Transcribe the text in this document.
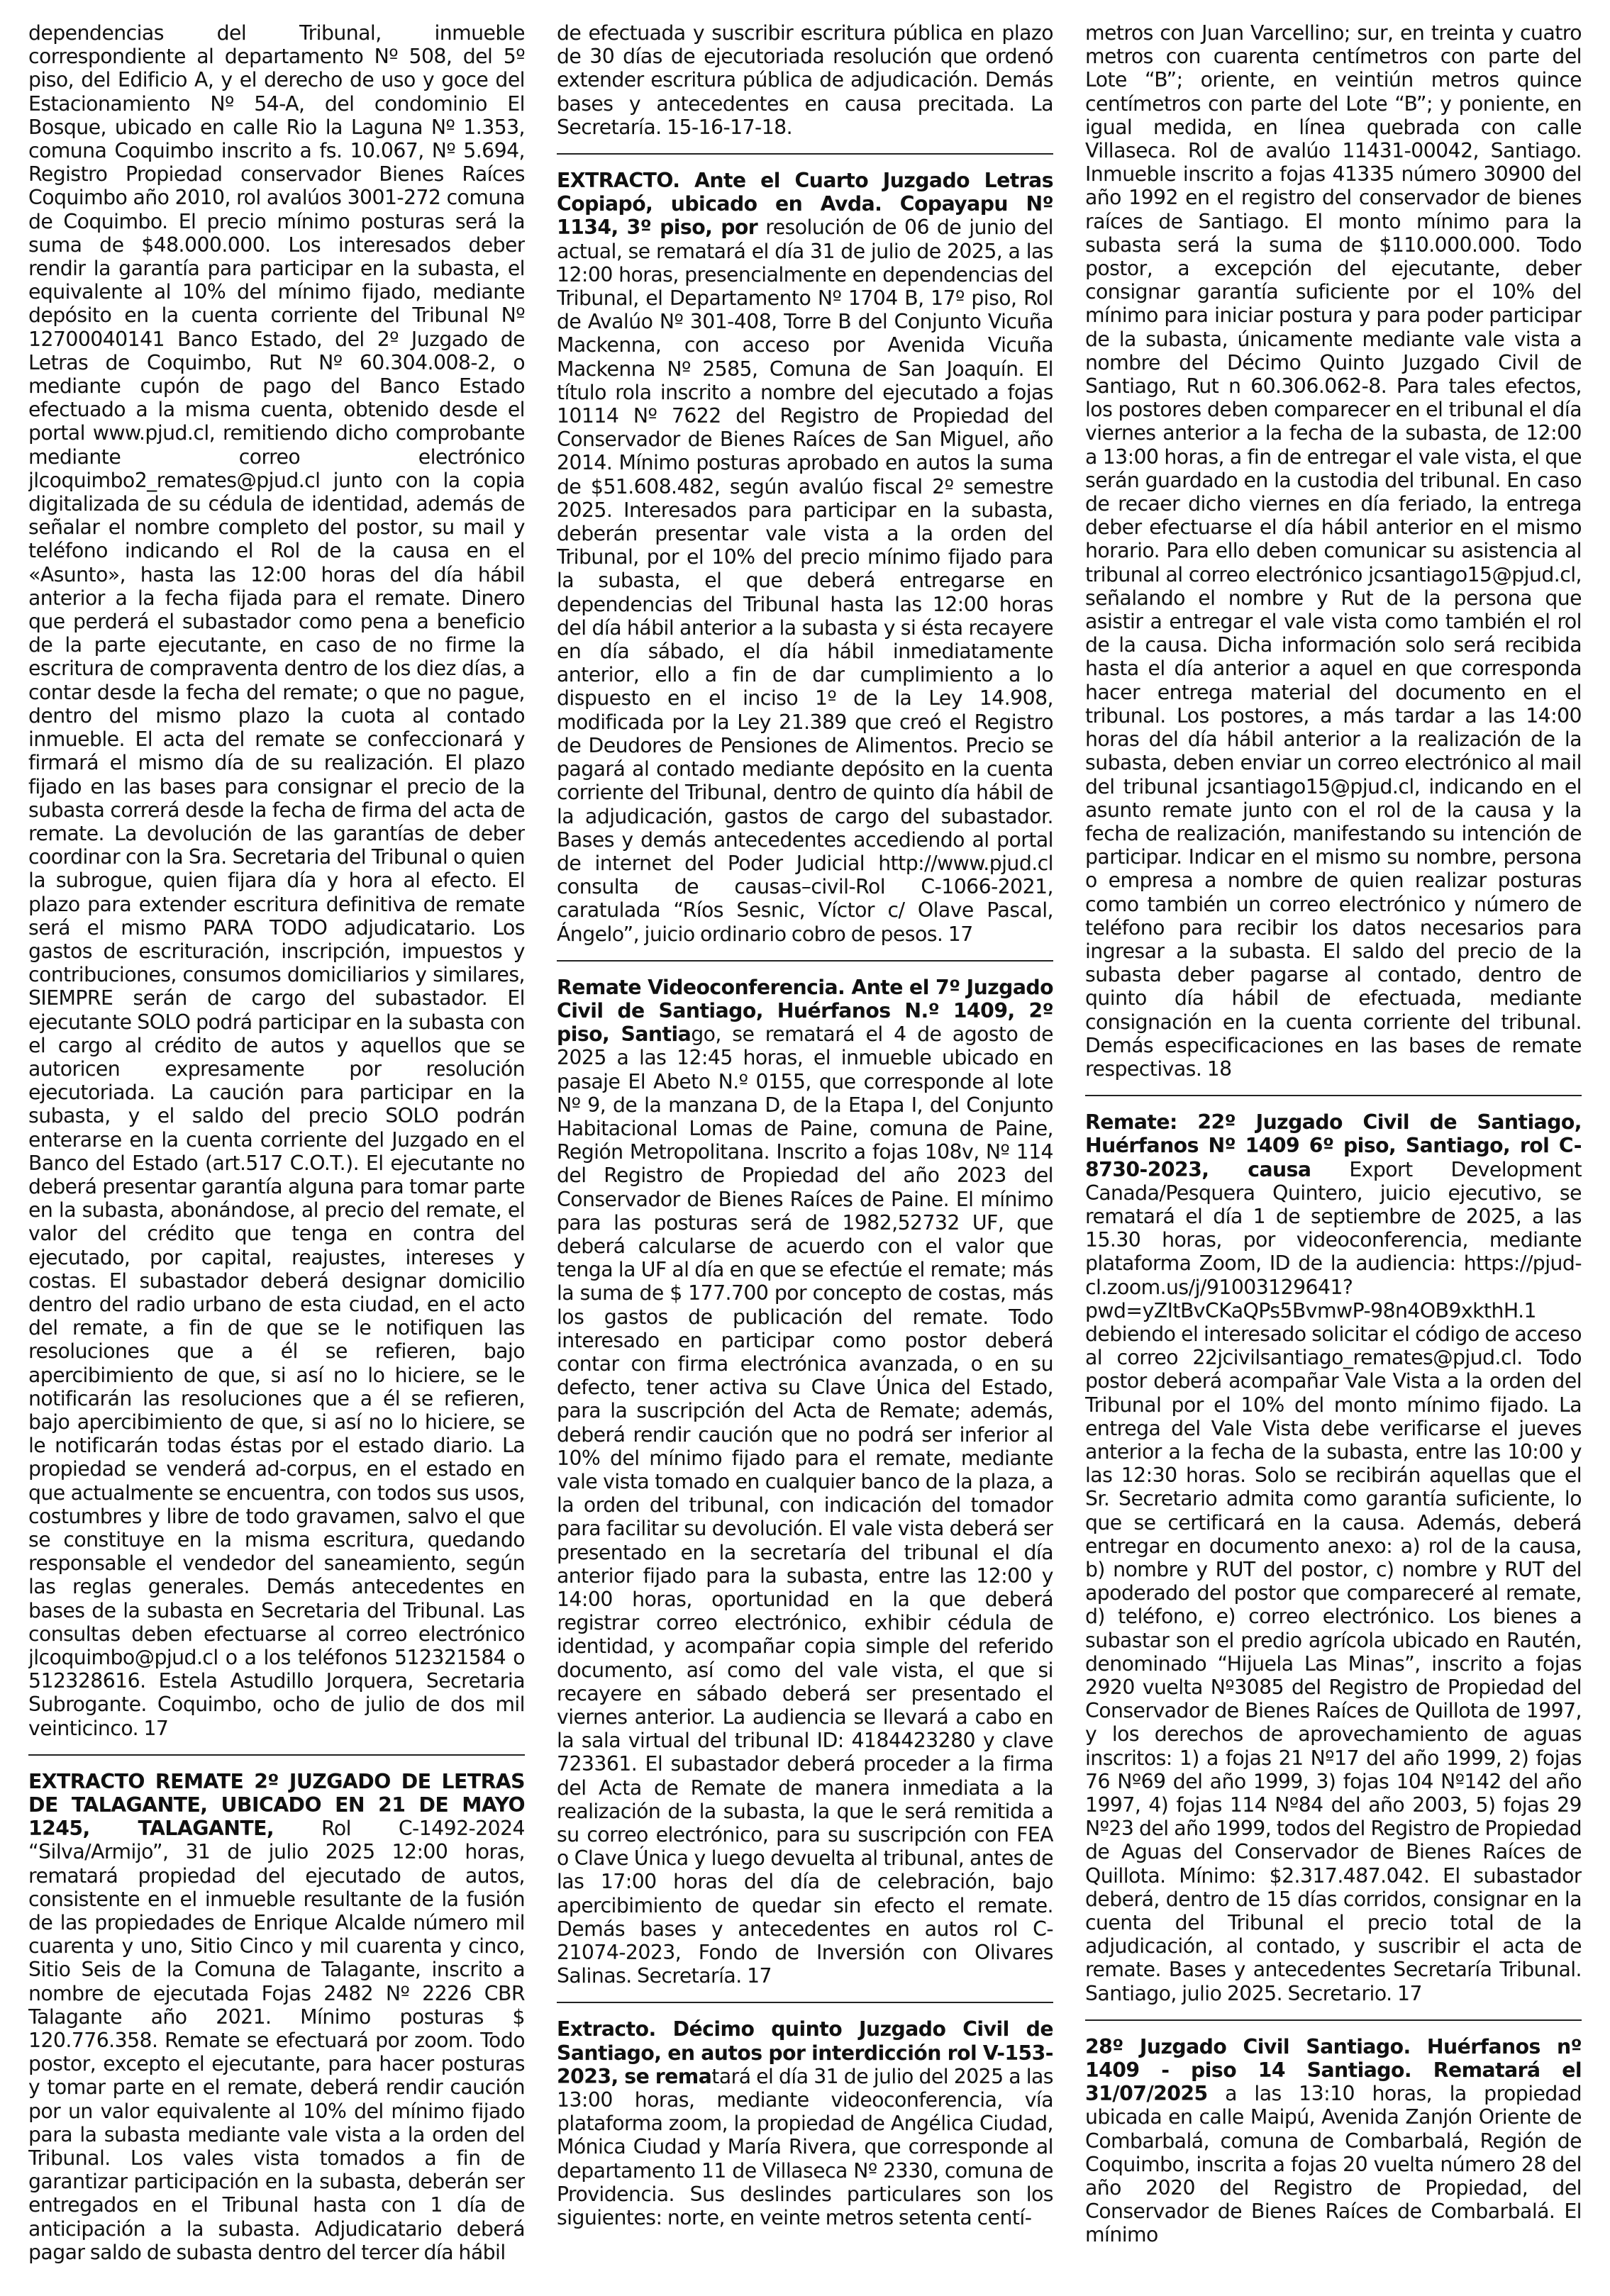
dependencias del Tribunal, inmueble correspondiente al departamento Nº 508, del 5º piso, del Edificio A, y el derecho de uso y goce del Estacionamiento Nº 54-A, del condominio El Bosque, ubicado en calle Rio la Laguna Nº 1.353, comuna Coquimbo inscrito a fs. 10.067, Nº 5.694, Registro Propiedad conservador Bienes Raíces Coquimbo año 2010, rol avalúos 3001-272 comuna de Coquimbo. El precio mínimo posturas será la suma de $48.000.000. Los interesados deber rendir la garantía para participar en la subasta, el equivalente al 10% del mínimo fijado, mediante depósito en la cuenta corriente del Tribunal Nº 12700040141 Banco Estado, del 2º Juzgado de Letras de Coquimbo, Rut Nº 60.304.008-2, o mediante cupón de pago del Banco Estado efectuado a la misma cuenta, obtenido desde el portal www.pjud.cl, remitiendo dicho comprobante mediante correo electrónico jlcoquimbo2_remates@pjud.cl junto con la copia digitalizada de su cédula de identidad, además de señalar el nombre completo del postor, su mail y teléfono indicando el Rol de la causa en el «Asunto», hasta las 12:00 horas del día hábil anterior a la fecha fijada para el remate. Dinero que perderá el subastador como pena a beneficio de la parte ejecutante, en caso de no firme la escritura de compraventa dentro de los diez días, a contar desde la fecha del remate; o que no pague, dentro del mismo plazo la cuota al contado inmueble. El acta del remate se confeccionará y firmará el mismo día de su realización. El plazo fijado en las bases para consignar el precio de la subasta correrá desde la fecha de firma del acta de remate. La devolución de las garantías de deber coordinar con la Sra. Secretaria del Tribunal o quien la subrogue, quien fijara día y hora al efecto. El plazo para extender escritura definitiva de remate será el mismo PARA TODO adjudicatario. Los gastos de escrituración, inscripción, impuestos y contribuciones, consumos domiciliarios y similares, SIEMPRE serán de cargo del subastador. El ejecutante SOLO podrá participar en la subasta con el cargo al crédito de autos y aquellos que se autoricen expresamente por resolución ejecutoriada. La caución para participar en la subasta, y el saldo del precio SOLO podrán enterarse en la cuenta corriente del Juzgado en el Banco del Estado (art.517 C.O.T.). El ejecutante no deberá presentar garantía alguna para tomar parte en la subasta, abonándose, al precio del remate, el valor del crédito que tenga en contra del ejecutado, por capital, reajustes, intereses y costas. El subastador deberá designar domicilio dentro del radio urbano de esta ciudad, en el acto del remate, a fin de que se le notifiquen las resoluciones que a él se refieren, bajo apercibimiento de que, si así no lo hiciere, se le notificarán las resoluciones que a él se refieren, bajo apercibimiento de que, si así no lo hiciere, se le notificarán todas éstas por el estado diario. La propiedad se venderá ad-corpus, en el estado en que actualmente se encuentra, con todos sus usos, costumbres y libre de todo gravamen, salvo el que se constituye en la misma escritura, quedando responsable el vendedor del saneamiento, según las reglas generales. Demás antecedentes en bases de la subasta en Secretaria del Tribunal. Las consultas deben efectuarse al correo electrónico jlcoquimbo@pjud.cl o a los teléfonos 512321584 o 512328616. Estela Astudillo Jorquera, Secretaria Subrogante. Coquimbo, ocho de julio de dos mil veinticinco. 17
EXTRACTO REMATE 2º JUZGADO DE LETRAS DE TALAGANTE, UBICADO EN 21 DE MAYO 1245, TALAGANTE, Rol C-1492-2024 “Silva/Armijo”, 31 de julio 2025 12:00 horas, rematará propiedad del ejecutado de autos, consistente en el inmueble resultante de la fusión de las propiedades de Enrique Alcalde número mil cuarenta y uno, Sitio Cinco y mil cuarenta y cinco, Sitio Seis de la Comuna de Talagante, inscrito a nombre de ejecutada Fojas 2482 Nº 2226 CBR Talagante año 2021. Mínimo posturas $ 120.776.358. Remate se efectuará por zoom. Todo postor, excepto el ejecutante, para hacer posturas y tomar parte en el remate, deberá rendir caución por un valor equivalente al 10% del mínimo fijado para la subasta mediante vale vista a la orden del Tribunal. Los vales vista tomados a fin de garantizar participación en la subasta, deberán ser entregados en el Tribunal hasta con 1 día de anticipación a la subasta. Adjudicatario deberá pagar saldo de subasta dentro del tercer día hábil
de efectuada y suscribir escritura pública en plazo de 30 días de ejecutoriada resolución que ordenó extender escritura pública de adjudicación. Demás bases y antecedentes en causa precitada. La Secretaría. 15-16-17-18.
EXTRACTO. Ante el Cuarto Juzgado Letras Copiapó, ubicado en Avda. Copayapu Nº 1134, 3º piso, por resolución de 06 de junio del actual, se rematará el día 31 de julio de 2025, a las 12:00 horas, presencialmente en dependencias del Tribunal, el Departamento Nº 1704 B, 17º piso, Rol de Avalúo Nº 301-408, Torre B del Conjunto Vicuña Mackenna, con acceso por Avenida Vicuña Mackenna Nº 2585, Comuna de San Joaquín. El título rola inscrito a nombre del ejecutado a fojas 10114 Nº 7622 del Registro de Propiedad del Conservador de Bienes Raíces de San Miguel, año 2014. Mínimo posturas aprobado en autos la suma de $51.608.482, según avalúo fiscal 2º semestre 2025. Interesados para participar en la subasta, deberán presentar vale vista a la orden del Tribunal, por el 10% del precio mínimo fijado para la subasta, el que deberá entregarse en dependencias del Tribunal hasta las 12:00 horas del día hábil anterior a la subasta y si ésta recayere en día sábado, el día hábil inmediatamente anterior, ello a fin de dar cumplimiento a lo dispuesto en el inciso 1º de la Ley 14.908, modificada por la Ley 21.389 que creó el Registro de Deudores de Pensiones de Alimentos. Precio se pagará al contado mediante depósito en la cuenta corriente del Tribunal, dentro de quinto día hábil de la adjudicación, gastos de cargo del subastador. Bases y demás antecedentes accediendo al portal de internet del Poder Judicial http://www.pjud.cl consulta de causas–civil-Rol C-1066-2021, caratulada “Ríos Sesnic, Víctor c/ Olave Pascal, Ángelo”, juicio ordinario cobro de pesos. 17
Remate Videoconferencia. Ante el 7º Juzgado Civil de Santiago, Huérfanos N.º 1409, 2º piso, Santiago, se rematará el 4 de agosto de 2025 a las 12:45 horas, el inmueble ubicado en pasaje El Abeto N.º 0155, que corresponde al lote Nº 9, de la manzana D, de la Etapa I, del Conjunto Habitacional Lomas de Paine, comuna de Paine, Región Metropolitana. Inscrito a fojas 108v, Nº 114 del Registro de Propiedad del año 2023 del Conservador de Bienes Raíces de Paine. El mínimo para las posturas será de 1982,52732 UF, que deberá calcularse de acuerdo con el valor que tenga la UF al día en que se efectúe el remate; más la suma de $ 177.700 por concepto de costas, más los gastos de publicación del remate. Todo interesado en participar como postor deberá contar con firma electrónica avanzada, o en su defecto, tener activa su Clave Única del Estado, para la suscripción del Acta de Remate; además, deberá rendir caución que no podrá ser inferior al 10% del mínimo fijado para el remate, mediante vale vista tomado en cualquier banco de la plaza, a la orden del tribunal, con indicación del tomador para facilitar su devolución. El vale vista deberá ser presentado en la secretaría del tribunal el día anterior fijado para la subasta, entre las 12:00 y 14:00 horas, oportunidad en la que deberá registrar correo electrónico, exhibir cédula de identidad, y acompañar copia simple del referido documento, así como del vale vista, el que si recayere en sábado deberá ser presentado el viernes anterior. La audiencia se llevará a cabo en la sala virtual del tribunal ID: 4184423280 y clave 723361. El subastador deberá proceder a la firma del Acta de Remate de manera inmediata a la realización de la subasta, la que le será remitida a su correo electrónico, para su suscripción con FEA o Clave Única y luego devuelta al tribunal, antes de las 17:00 horas del día de celebración, bajo apercibimiento de quedar sin efecto el remate. Demás bases y antecedentes en autos rol C-21074-2023, Fondo de Inversión con Olivares Salinas. Secretaría. 17
Extracto. Décimo quinto Juzgado Civil de Santiago, en autos por interdicción rol V-153-2023, se rematará el día 31 de julio del 2025 a las 13:00 horas, mediante videoconferencia, vía plataforma zoom, la propiedad de Angélica Ciudad, Mónica Ciudad y María Rivera, que corresponde al departamento 11 de Villaseca Nº 2330, comuna de Providencia. Sus deslindes particulares son los siguientes: norte, en veinte metros setenta centí-
metros con Juan Varcellino; sur, en treinta y cuatro metros con cuarenta centímetros con parte del Lote “B”; oriente, en veintiún metros quince centímetros con parte del Lote “B”; y poniente, en igual medida, en línea quebrada con calle Villaseca. Rol de avalúo 11431-00042, Santiago. Inmueble inscrito a fojas 41335 número 30900 del año 1992 en el registro del conservador de bienes raíces de Santiago. El monto mínimo para la subasta será la suma de $110.000.000. Todo postor, a excepción del ejecutante, deber consignar garantía suficiente por el 10% del mínimo para iniciar postura y para poder participar de la subasta, únicamente mediante vale vista a nombre del Décimo Quinto Juzgado Civil de Santiago, Rut n 60.306.062-8. Para tales efectos, los postores deben comparecer en el tribunal el día viernes anterior a la fecha de la subasta, de 12:00 a 13:00 horas, a fin de entregar el vale vista, el que serán guardado en la custodia del tribunal. En caso de recaer dicho viernes en día feriado, la entrega deber efectuarse el día hábil anterior en el mismo horario. Para ello deben comunicar su asistencia al tribunal al correo electrónico jcsantiago15@pjud.cl, señalando el nombre y Rut de la persona que asistir a entregar el vale vista como también el rol de la causa. Dicha información solo será recibida hasta el día anterior a aquel en que corresponda hacer entrega material del documento en el tribunal. Los postores, a más tardar a las 14:00 horas del día hábil anterior a la realización de la subasta, deben enviar un correo electrónico al mail del tribunal jcsantiago15@pjud.cl, indicando en el asunto remate junto con el rol de la causa y la fecha de realización, manifestando su intención de participar. Indicar en el mismo su nombre, persona o empresa a nombre de quien realizar posturas como también un correo electrónico y número de teléfono para recibir los datos necesarios para ingresar a la subasta. El saldo del precio de la subasta deber pagarse al contado, dentro de quinto día hábil de efectuada, mediante consignación en la cuenta corriente del tribunal. Demás especificaciones en las bases de remate respectivas. 18
Remate: 22º Juzgado Civil de Santiago, Huérfanos Nº 1409 6º piso, Santiago, rol C-8730-2023, causa Export Development Canada/Pesquera Quintero, juicio ejecutivo, se rematará el día 1 de septiembre de 2025, a las 15.30 horas, por videoconferencia, mediante plataforma Zoom, ID de la audiencia: https://pjud-cl.zoom.us/j/91003129641?pwd=yZItBvCKaQPs5BvmwP-98n4OB9xkthH.1 debiendo el interesado solicitar el código de acceso al correo 22jcivilsantiago_remates@pjud.cl. Todo postor deberá acompañar Vale Vista a la orden del Tribunal por el 10% del monto mínimo fijado. La entrega del Vale Vista debe verificarse el jueves anterior a la fecha de la subasta, entre las 10:00 y las 12:30 horas. Solo se recibirán aquellas que el Sr. Secretario admita como garantía suficiente, lo que se certificará en la causa. Además, deberá entregar en documento anexo: a) rol de la causa, b) nombre y RUT del postor, c) nombre y RUT del apoderado del postor que compareceré al remate, d) teléfono, e) correo electrónico. Los bienes a subastar son el predio agrícola ubicado en Rautén, denominado “Hijuela Las Minas”, inscrito a fojas 2920 vuelta Nº3085 del Registro de Propiedad del Conservador de Bienes Raíces de Quillota de 1997, y los derechos de aprovechamiento de aguas inscritos: 1) a fojas 21 Nº17 del año 1999, 2) fojas 76 Nº69 del año 1999, 3) fojas 104 Nº142 del año 1997, 4) fojas 114 Nº84 del año 2003, 5) fojas 29 Nº23 del año 1999, todos del Registro de Propiedad de Aguas del Conservador de Bienes Raíces de Quillota. Mínimo: $2.317.487.042. El subastador deberá, dentro de 15 días corridos, consignar en la cuenta del Tribunal el precio total de la adjudicación, al contado, y suscribir el acta de remate. Bases y antecedentes Secretaría Tribunal. Santiago, julio 2025. Secretario. 17
28º Juzgado Civil Santiago. Huérfanos nº 1409 - piso 14 Santiago. Rematará el 31/07/2025 a las 13:10 horas, la propiedad ubicada en calle Maipú, Avenida Zanjón Oriente de Combarbalá, comuna de Combarbalá, Región de Coquimbo, inscrita a fojas 20 vuelta número 28 del año 2020 del Registro de Propiedad, del Conservador de Bienes Raíces de Combarbalá. El mínimo
